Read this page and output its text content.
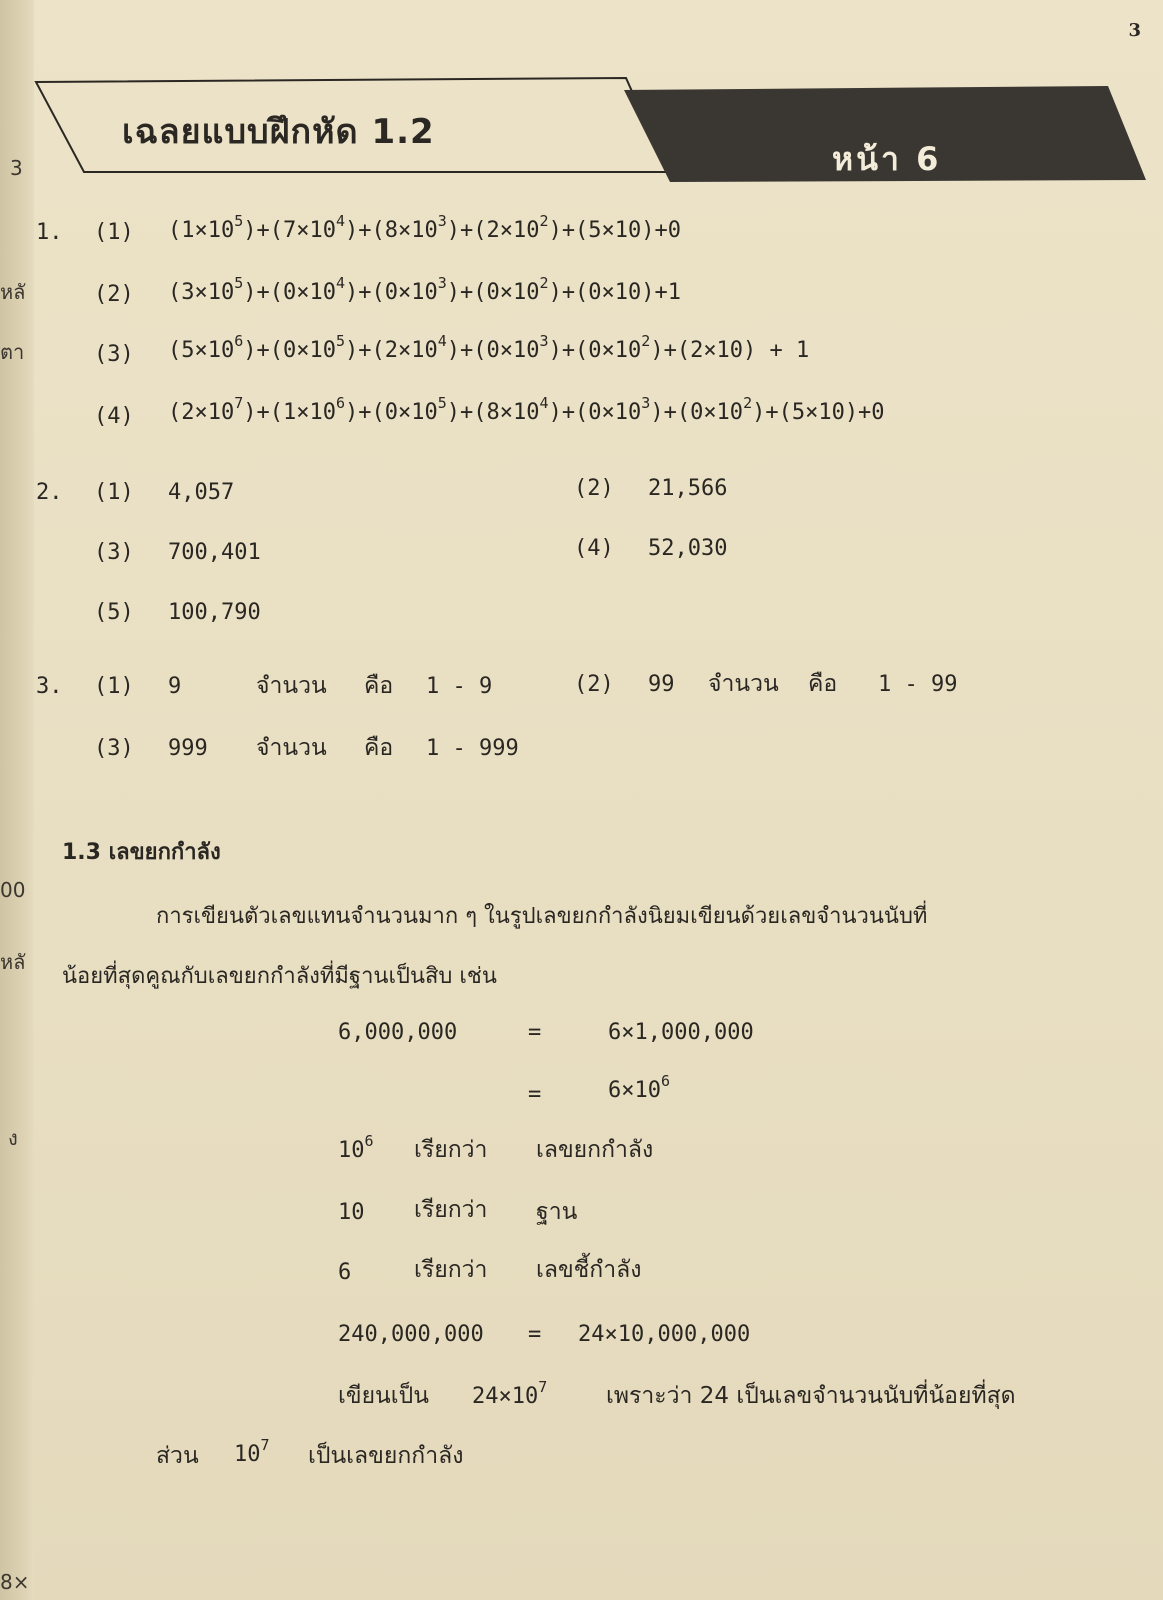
3
หลั
ตา
00
หลั
ง
8×
3
เฉลยแบบฝึกหัด 1.2
หน้า 6
1. (1) $(1\times 10^5)+(7\times 10^4)+(8\times 10^3)+(2\times 10^2)+(5\times 10)+0$
(2) $(3\times 10^5)+(0\times 10^4)+(0\times 10^3)+(0\times 10^2)+(0\times 10)+1$
(3) $(5\times 10^6)+(0\times 10^5)+(2\times 10^4)+(0\times 10^3)+(0\times 10^2)+(2\times 10) + 1$
(4) $(2\times 10^7)+(1\times 10^6)+(0\times 10^5)+(8\times 10^4)+(0\times 10^3)+(0\times 10^2)+(5\times 10)+0$
2. (1) 4,057	(2) 21,566
(3) 700,401	(4) 52,030
(5) 100,790
3. (1) 9	จำนวน คือ 1 - 9	(2) 99 จำนวน คือ 1 - 99
(3) 999 จำนวน คือ 1 - 999
1.3 เลขยกกำลัง
การเขียนตัวเลขแทนจำนวนมาก ๆ ในรูปเลขยกกำลังนิยมเขียนด้วยเลขจำนวนนับที่
น้อยที่สุดคูณกับเลขยกกำลังที่มีฐานเป็นสิบ เช่น
6,000,000	=	6×1,000,000
=	$6\times 10^6$
$10^6$ เรียกว่า เลขยกกำลัง
10 เรียกว่า ฐาน
6	เรียกว่า เลขชี้กำลัง
240,000,000 = 24×10,000,000
เขียนเป็น $24\times 10^7$	เพราะว่า 24 เป็นเลขจำนวนนับที่น้อยที่สุด
ส่วน $10^7$ เป็นเลขยกกำลัง
